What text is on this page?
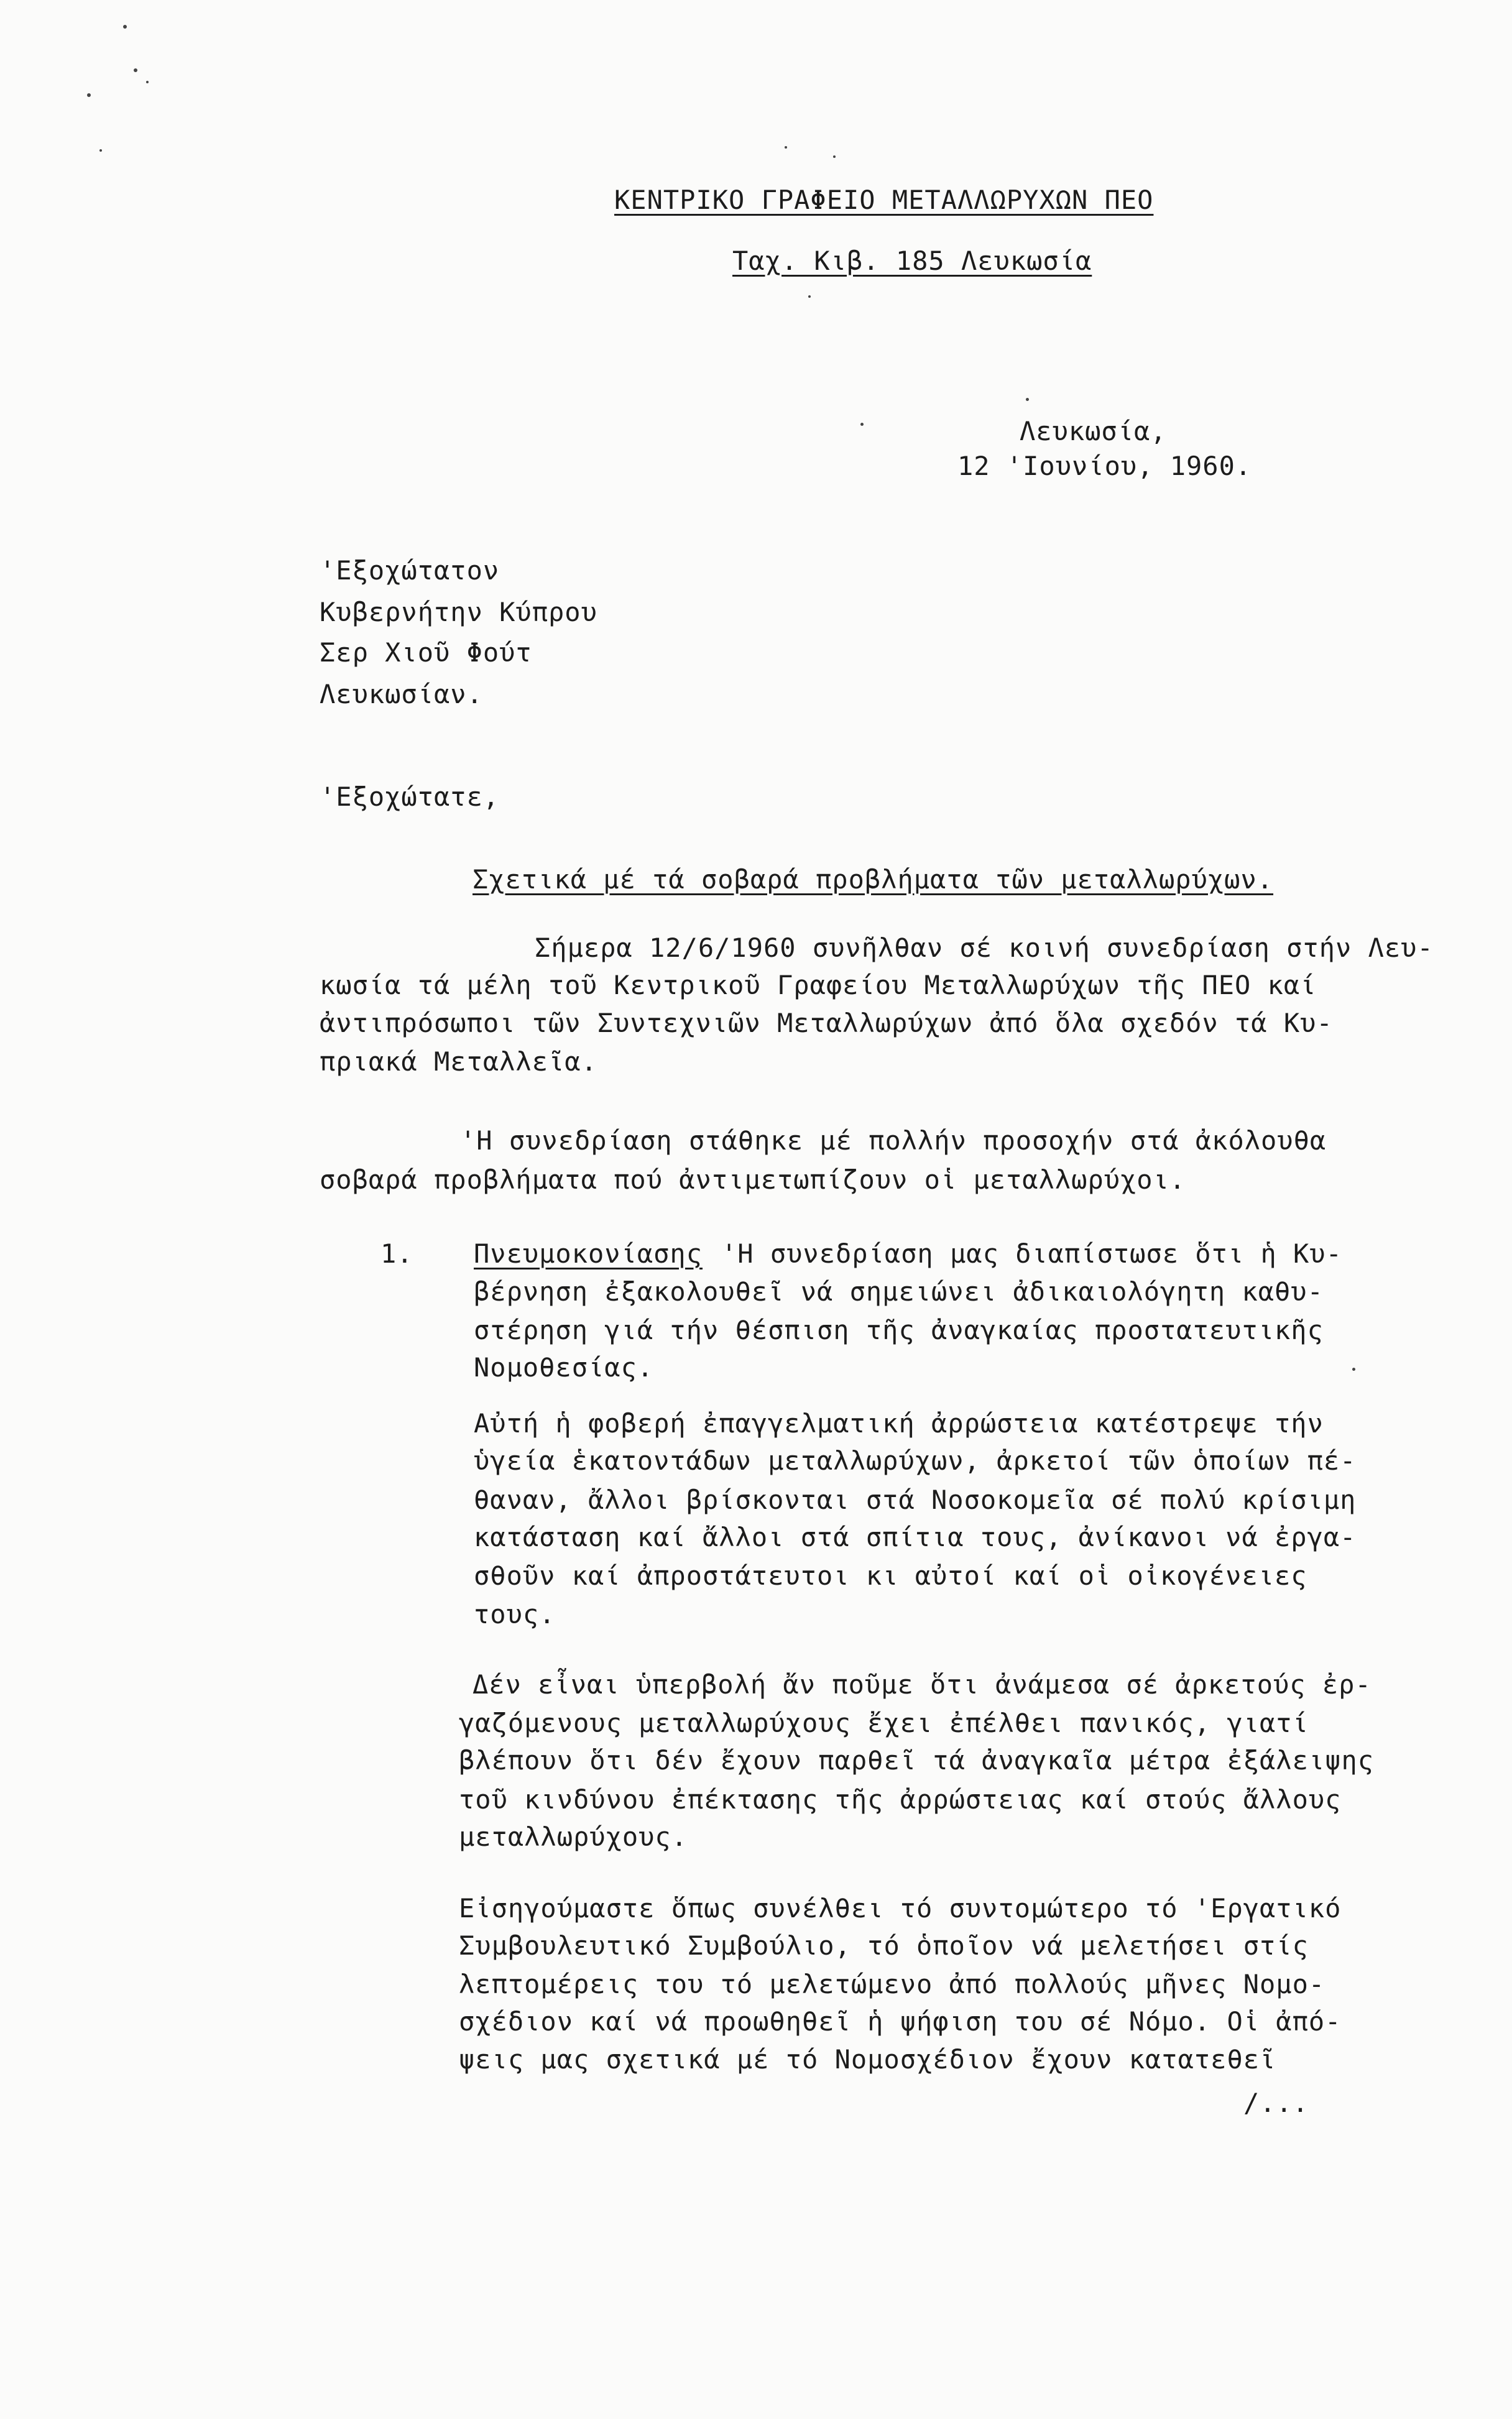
ΚΕΝΤΡΙΚΟ ΓΡΑΦΕΙΟ ΜΕΤΑΛΛΩΡΥΧΩΝ ΠΕΟ
Ταχ. Κιβ. 185 Λευκωσία
Λευκωσία,
12 'Ιουνίου, 1960.
'Εξοχώτατον
Κυβερνήτην Κύπρου
Σερ Χιοῦ Φούτ
Λευκωσίαν.
'Εξοχώτατε,
Σχετικά μέ τά σοβαρά προβλήματα τῶν μεταλλωρύχων.
Σήμερα 12/6/1960 συνῆλθαν σέ κοινή συνεδρίαση στήν Λευ-
κωσία τά μέλη τοῦ Κεντρικοῦ Γραφείου Μεταλλωρύχων τῆς ΠΕΟ καί
ἀντιπρόσωποι τῶν Συντεχνιῶν Μεταλλωρύχων ἀπό ὅλα σχεδόν τά Κυ-
πριακά Μεταλλεῖα.
'Η συνεδρίαση στάθηκε μέ πολλήν προσοχήν στά ἀκόλουθα
σοβαρά προβλήματα πού ἀντιμετωπίζουν οἱ μεταλλωρύχοι.
1. Πνευμοκονίασης 'Η συνεδρίαση μας διαπίστωσε ὅτι ἡ Κυ-
βέρνηση ἐξακολουθεῖ νά σημειώνει ἀδικαιολόγητη καθυ-
στέρηση γιά τήν θέσπιση τῆς ἀναγκαίας προστατευτικῆς
Νομοθεσίας.
Αὐτή ἡ φοβερή ἐπαγγελματική ἀρρώστεια κατέστρεψε τήν
ὑγεία ἑκατοντάδων μεταλλωρύχων, ἀρκετοί τῶν ὁποίων πέ-
θαναν, ἄλλοι βρίσκονται στά Νοσοκομεῖα σέ πολύ κρίσιμη
κατάσταση καί ἄλλοι στά σπίτια τους, ἀνίκανοι νά ἐργα-
σθοῦν καί ἀπροστάτευτοι κι αὐτοί καί οἱ οἰκογένειες
τους.
Δέν εἶναι ὑπερβολή ἄν ποῦμε ὅτι ἀνάμεσα σέ ἀρκετούς ἐρ-
γαζόμενους μεταλλωρύχους ἔχει ἐπέλθει πανικός, γιατί
βλέπουν ὅτι δέν ἔχουν παρθεῖ τά ἀναγκαῖα μέτρα ἐξάλειψης
τοῦ κινδύνου ἐπέκτασης τῆς ἀρρώστειας καί στούς ἄλλους
μεταλλωρύχους.
Εἰσηγούμαστε ὅπως συνέλθει τό συντομώτερο τό 'Εργατικό
Συμβουλευτικό Συμβούλιο, τό ὁποῖον νά μελετήσει στίς
λεπτομέρεις του τό μελετώμενο ἀπό πολλούς μῆνες Νομο-
σχέδιον καί νά προωθηθεῖ ἡ ψήφιση του σέ Νόμο. Οἱ ἀπό-
ψεις μας σχετικά μέ τό Νομοσχέδιον ἔχουν κατατεθεῖ
/...
